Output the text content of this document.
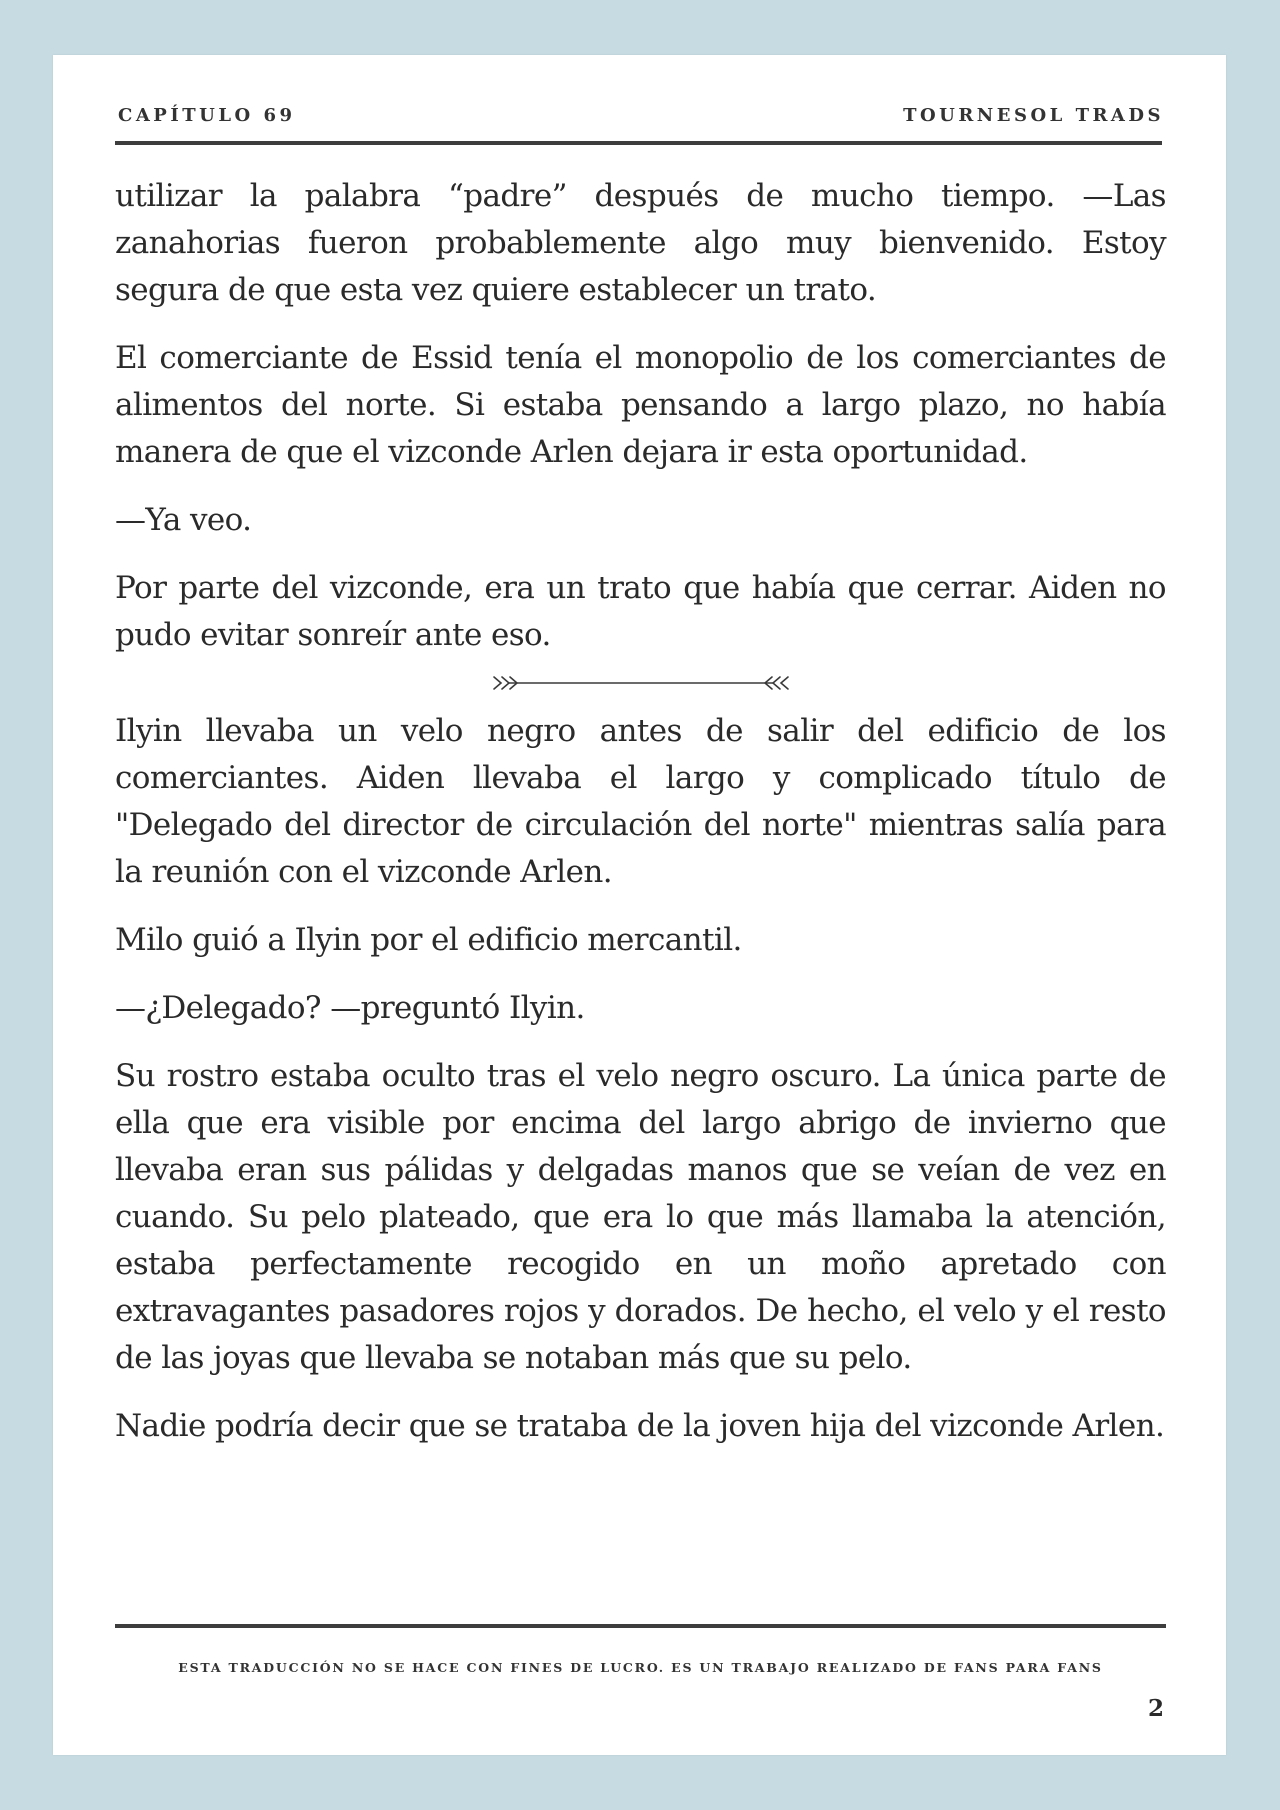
CAPÍTULO 69	TOURNESOL TRADS

utilizar la palabra “padre” después de mucho tiempo. —Las zanahorias fueron probablemente algo muy bienvenido. Estoy segura de que esta vez quiere establecer un trato.

El comerciante de Essid tenía el monopolio de los comerciantes de alimentos del norte. Si estaba pensando a largo plazo, no había manera de que el vizconde Arlen dejara ir esta oportunidad.

—Ya veo.

Por parte del vizconde, era un trato que había que cerrar. Aiden no pudo evitar sonreír ante eso.

Ilyin llevaba un velo negro antes de salir del edificio de los comerciantes. Aiden llevaba el largo y complicado título de "Delegado del director de circulación del norte" mientras salía para la reunión con el vizconde Arlen.

Milo guió a Ilyin por el edificio mercantil.

—¿Delegado? —preguntó Ilyin.

Su rostro estaba oculto tras el velo negro oscuro. La única parte de ella que era visible por encima del largo abrigo de invierno que llevaba eran sus pálidas y delgadas manos que se veían de vez en cuando. Su pelo plateado, que era lo que más llamaba la atención, estaba perfectamente recogido en un moño apretado con extravagantes pasadores rojos y dorados. De hecho, el velo y el resto de las joyas que llevaba se notaban más que su pelo.

Nadie podría decir que se trataba de la joven hija del vizconde Arlen.

ESTA TRADUCCIÓN NO SE HACE CON FINES DE LUCRO. ES UN TRABAJO REALIZADO DE FANS PARA FANS
2
